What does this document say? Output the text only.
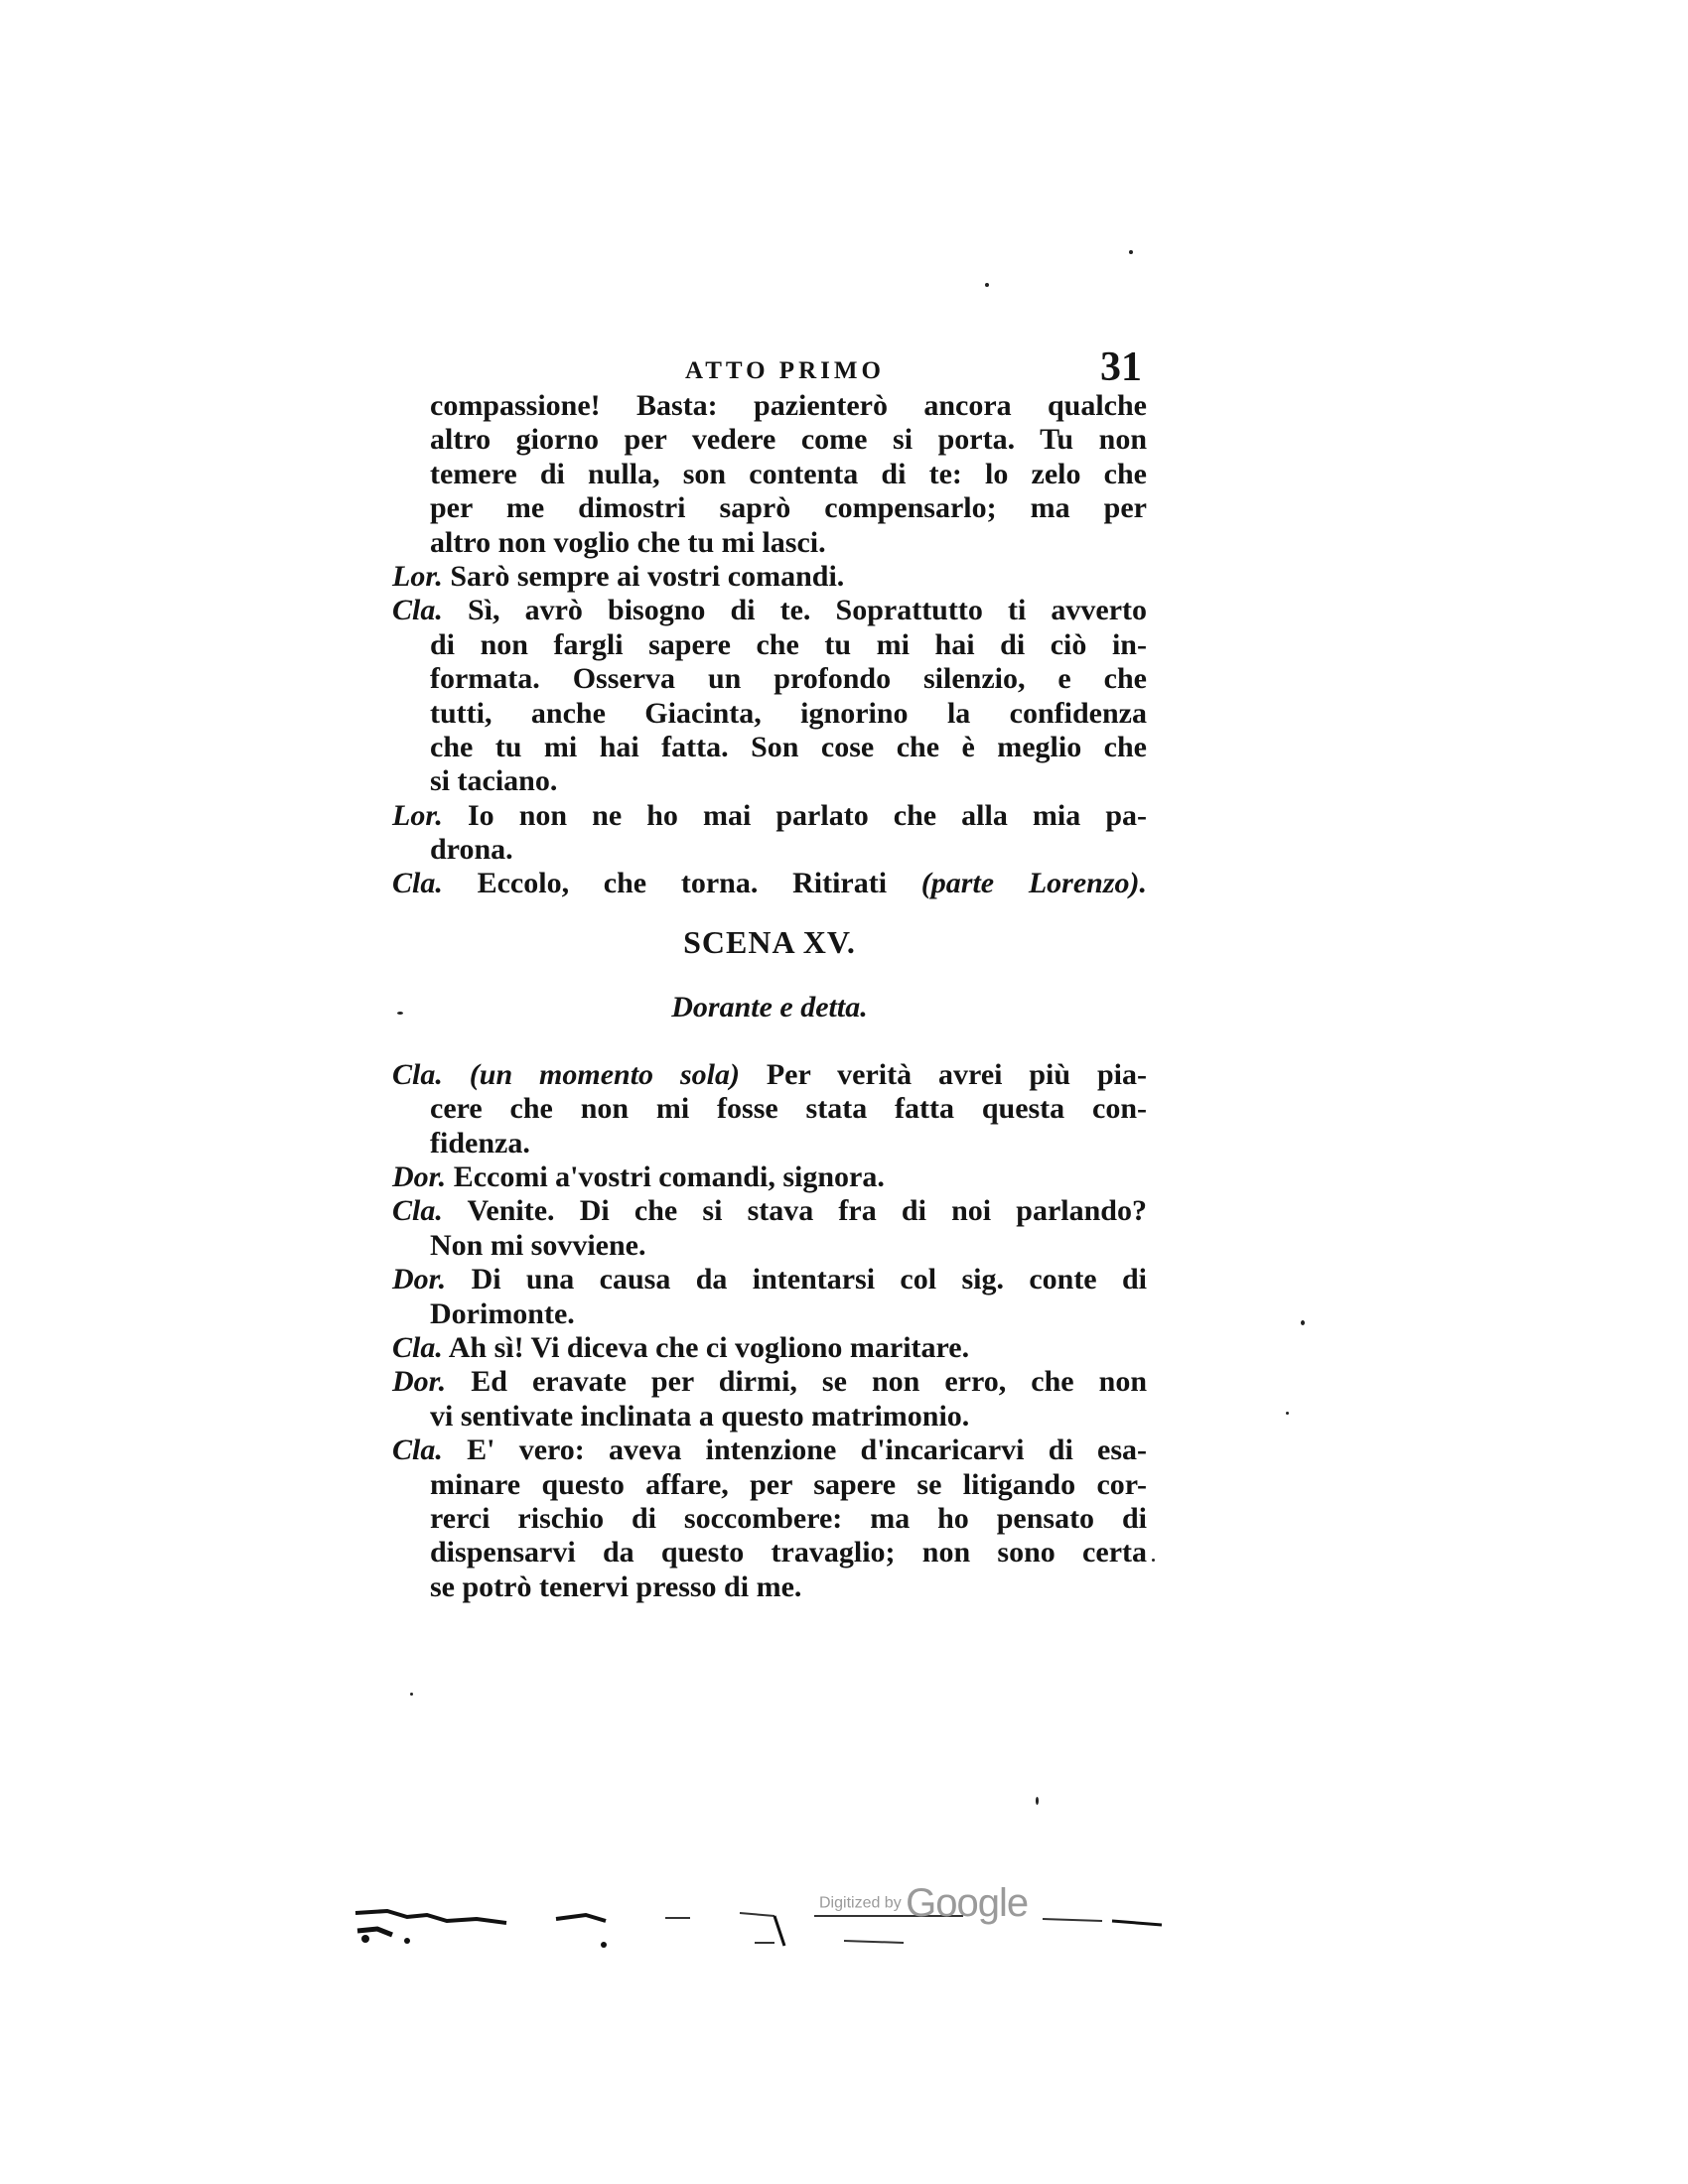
ATTO PRIMO	31
compassione! Basta: pazienterò ancora qualche
altro giorno per vedere come si porta. Tu non
temere di nulla, son contenta di te: lo zelo che
per me dimostri saprò compensarlo; ma per
altro non voglio che tu mi lasci.
Lor. Sarò sempre ai vostri comandi.
Cla. Sì, avrò bisogno di te. Soprattutto ti avverto
di non fargli sapere che tu mi hai di ciò in-
formata. Osserva un profondo silenzio, e che
tutti, anche Giacinta, ignorino la confidenza
che tu mi hai fatta. Son cose che è meglio che
si taciano.
Lor. Io non ne ho mai parlato che alla mia pa-
drona.
Cla. Eccolo, che torna. Ritirati (parte Lorenzo).
SCENA XV.
Dorante e detta.
Cla. (un momento sola) Per verità avrei più pia-
cere che non mi fosse stata fatta questa con-
fidenza.
Dor. Eccomi a'vostri comandi, signora.
Cla. Venite. Di che si stava fra di noi parlando?
Non mi sovviene.
Dor. Di una causa da intentarsi col sig. conte di
Dorimonte.
Cla. Ah sì! Vi diceva che ci vogliono maritare.
Dor. Ed eravate per dirmi, se non erro, che non
vi sentivate inclinata a questo matrimonio.
Cla. E' vero: aveva intenzione d'incaricarvi di esa-
minare questo affare, per sapere se litigando cor-
rerci rischio di soccombere: ma ho pensato di
dispensarvi da questo travaglio; non sono certa
se potrò tenervi presso di me.
Digitized by Google
